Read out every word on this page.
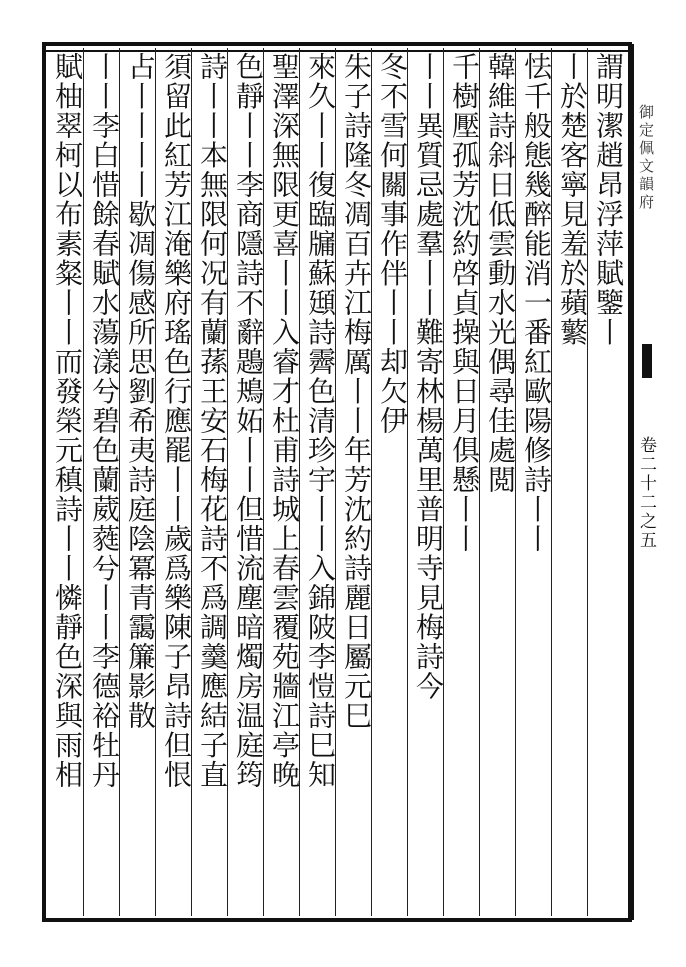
御定佩文韻府
卷二十二之五
謂明潔趙昂浮萍賦鑒丨
丨於楚客寧見羞於蘋蘩
怯千般態幾醉能消一番紅歐陽修詩丨丨
韓維詩斜日低雲動水光偶尋佳處閲
千樹壓孤芳沈約啓貞操與日月俱懸丨丨
丨丨異質忌處羣丨丨難寄林楊萬里普明寺見梅詩今
冬不雪何關事作伴丨丨却欠伊
朱子詩隆冬凋百卉江梅厲丨丨年芳沈約詩麗日屬元巳
來久丨丨復臨牖蘇頲詩霽色清珍宇丨丨入錦陂李愷詩巳知
聖澤深無限更喜丨丨入睿才杜甫詩城上春雲覆苑牆江亭晚
色靜丨丨李商隱詩不辭鶗鴂妬丨丨但惜流塵暗燭房温庭筠
詩丨丨本無限何况有蘭蓀王安石梅花詩不爲調羹應結子直
須留此紅芳江淹樂府瑤色行應罷丨丨歲爲樂陳子昂詩但恨
占丨丨丨丨歇凋傷感所思劉希夷詩庭陰冪青靄簾影散
丨丨李白惜餘春賦水蕩漾兮碧色蘭葳蕤兮丨丨李德裕牡丹
賦柚翠柯以布素粲丨丨而發榮元稹詩丨丨憐靜色深與雨相
